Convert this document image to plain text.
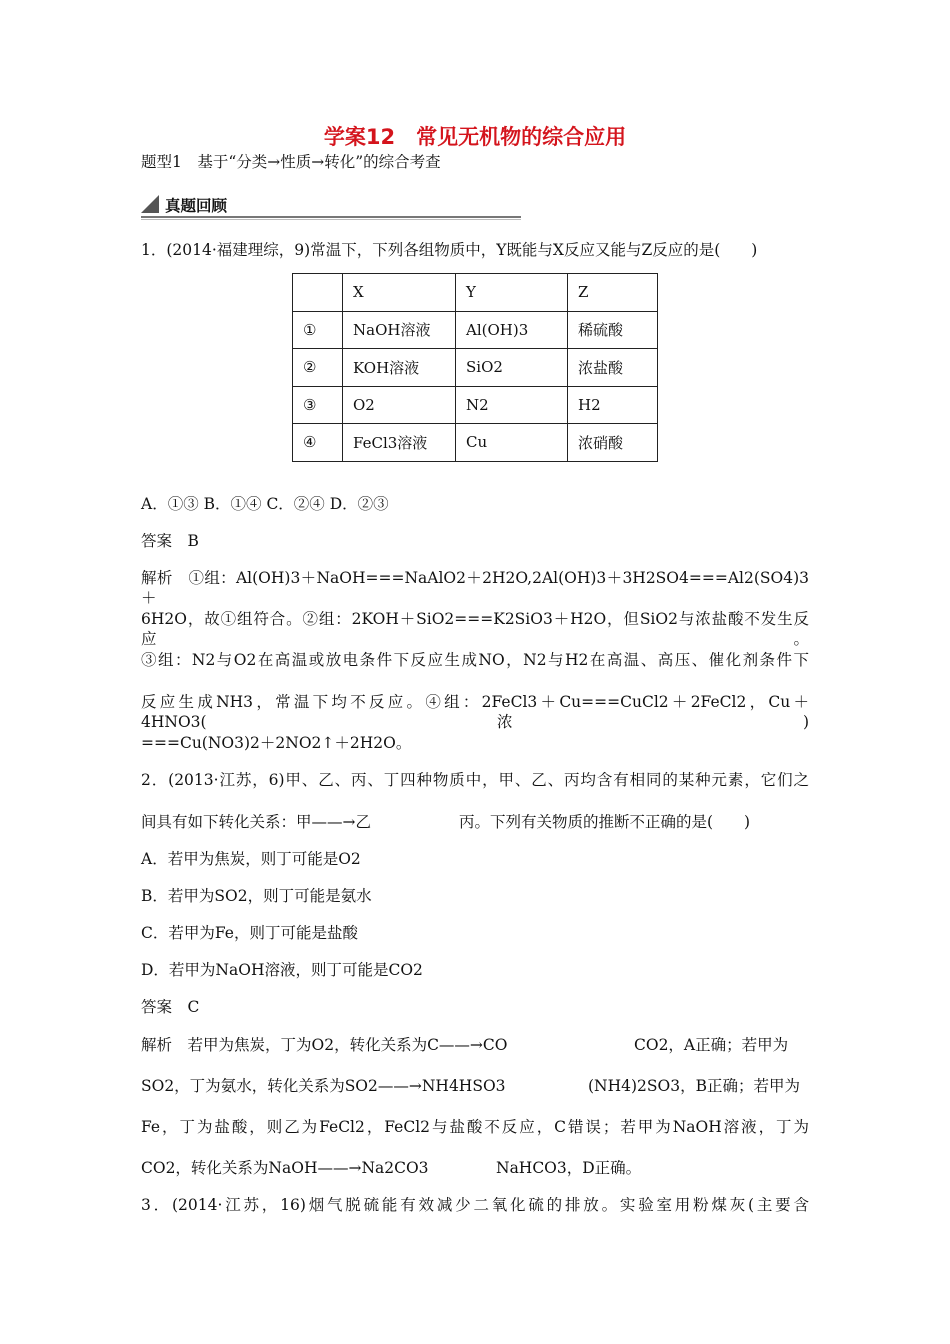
学案12　常见无机物的综合应用
题型1　基于“分类→性质→转化”的综合考查
真题回顾
1．(2014·福建理综，9)常温下，下列各组物质中，Y既能与X反应又能与Z反应的是(　　)
	X	Y	Z
①	NaOH溶液	Al(OH)3	稀硫酸
②	KOH溶液	SiO2	浓盐酸
③	O2	N2	H2
④	FeCl3溶液	Cu	浓硝酸
A．①③ B．①④ C．②④ D．②③
答案　B
解析　①组：Al(OH)3＋NaOH===NaAlO2＋2H2O,2Al(OH)3＋3H2SO4===Al2(SO4)3＋
6H2O，故①组符合。②组：2KOH＋SiO2===K2SiO3＋H2O，但SiO2与浓盐酸不发生反应。
③组：N2与O2在高温或放电条件下反应生成NO，N2与H2在高温、高压、催化剂条件下
反应生成NH3，常温下均不反应。④组：2FeCl3＋Cu===CuCl2＋2FeCl2，Cu＋4HNO3(浓)
===Cu(NO3)2＋2NO2↑＋2H2O。
2．(2013·江苏，6)甲、乙、丙、丁四种物质中，甲、乙、丙均含有相同的某种元素，它们之
间具有如下转化关系：甲——→乙	丙。下列有关物质的推断不正确的是(　　)
A．若甲为焦炭，则丁可能是O2
B．若甲为SO2，则丁可能是氨水
C．若甲为Fe，则丁可能是盐酸
D．若甲为NaOH溶液，则丁可能是CO2
答案　C
解析　若甲为焦炭，丁为O2，转化关系为C——→CO	CO2，A正确；若甲为
SO2，丁为氨水，转化关系为SO2——→NH4HSO3	(NH4)2SO3，B正确；若甲为
Fe，丁为盐酸，则乙为FeCl2，FeCl2与盐酸不反应，C错误；若甲为NaOH溶液，丁为
CO2，转化关系为NaOH——→Na2CO3	NaHCO3，D正确。
3．(2014·江苏，16)烟气脱硫能有效减少二氧化硫的排放。实验室用粉煤灰(主要含
